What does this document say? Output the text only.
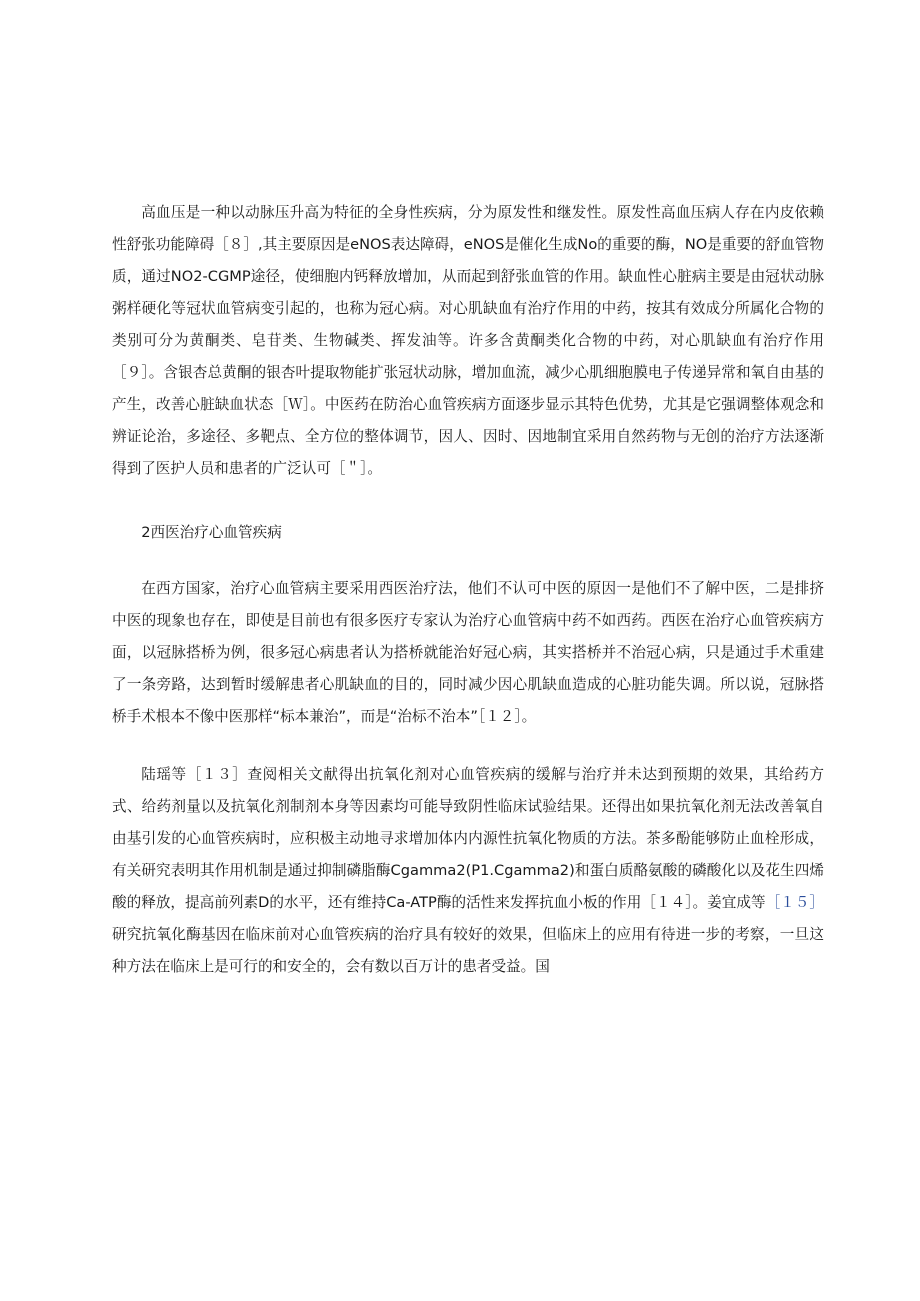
高血压是一种以动脉压升高为特征的全身性疾病，分为原发性和继发性。原发性高血压病人存在内皮依赖性舒张功能障碍［８］,其主要原因是eNOS表达障碍，eNOS是催化生成No的重要的酶，NO是重要的舒血管物质，通过NO2-CGMP途径，使细胞内钙释放增加，从而起到舒张血管的作用。缺血性心脏病主要是由冠状动脉粥样硬化等冠状血管病变引起的，也称为冠心病。对心肌缺血有治疗作用的中药，按其有效成分所属化合物的类别可分为黄酮类、皂苷类、生物碱类、挥发油等。许多含黄酮类化合物的中药，对心肌缺血有治疗作用［９］。含银杏总黄酮的银杏叶提取物能扩张冠状动脉，增加血流，减少心肌细胞膜电子传递异常和氧自由基的产生，改善心脏缺血状态［Ｗ］。中医药在防治心血管疾病方面逐步显示其特色优势，尤其是它强调整体观念和辨证论治，多途径、多靶点、全方位的整体调节，因人、因时、因地制宜采用自然药物与无创的治疗方法逐渐得到了医护人员和患者的广泛认可［＂］。

2西医治疗心血管疾病

在西方国家，治疗心血管病主要采用西医治疗法，他们不认可中医的原因一是他们不了解中医，二是排挤中医的现象也存在，即使是目前也有很多医疗专家认为治疗心血管病中药不如西药。西医在治疗心血管疾病方面，以冠脉搭桥为例，很多冠心病患者认为搭桥就能治好冠心病，其实搭桥并不治冠心病，只是通过手术重建了一条旁路，达到暂时缓解患者心肌缺血的目的，同时减少因心肌缺血造成的心脏功能失调。所以说，冠脉搭桥手术根本不像中医那样“标本兼治”，而是“治标不治本”［１２］。

陆瑶等［１３］查阅相关文献得出抗氧化剂对心血管疾病的缓解与治疗并未达到预期的效果，其给药方式、给药剂量以及抗氧化剂制剂本身等因素均可能导致阴性临床试验结果。还得出如果抗氧化剂无法改善氧自由基引发的心血管疾病时，应积极主动地寻求增加体内内源性抗氧化物质的方法。茶多酚能够防止血栓形成，有关研究表明其作用机制是通过抑制磷脂酶Cgamma2(P1.Cgamma2)和蛋白质酪氨酸的磷酸化以及花生四烯酸的释放，提高前列素D的水平，还有维持Ca-ATP酶的活性来发挥抗血小板的作用［１４］。姜宜成等［１５］研究抗氧化酶基因在临床前对心血管疾病的治疗具有较好的效果，但临床上的应用有待进一步的考察，一旦这种方法在临床上是可行的和安全的，会有数以百万计的患者受益。国
